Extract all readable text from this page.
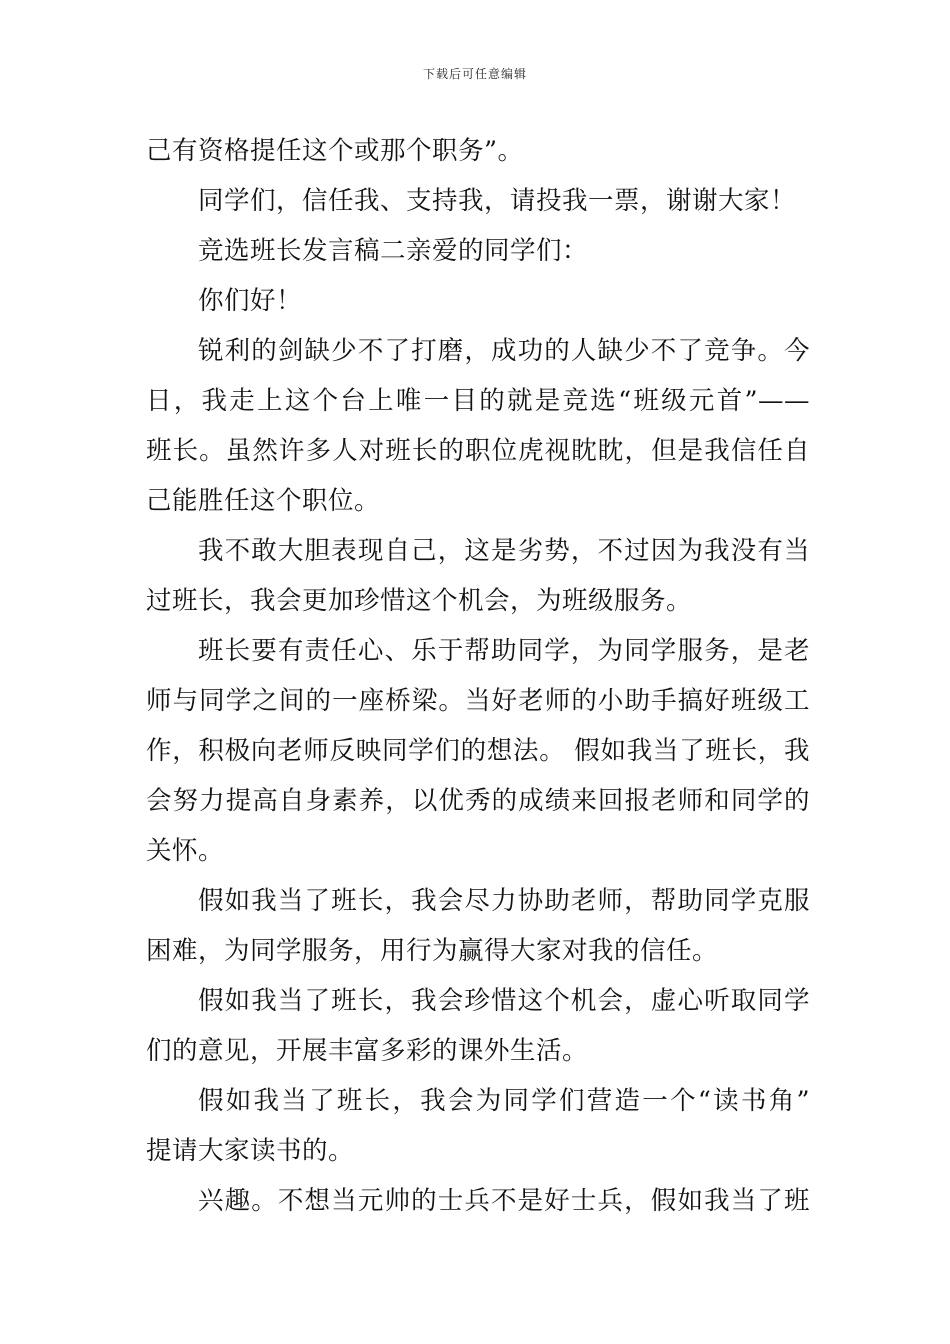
下载后可任意编辑
己有资格提任这个或那个职务”。
同学们，信任我、支持我，请投我一票，谢谢大家！
竞选班长发言稿二亲爱的同学们：
你们好！
锐利的剑缺少不了打磨，成功的人缺少不了竞争。今
日，我走上这个台上唯一目的就是竞选“班级元首”——
班长。虽然许多人对班长的职位虎视眈眈，但是我信任自
己能胜任这个职位。
我不敢大胆表现自己，这是劣势，不过因为我没有当
过班长，我会更加珍惜这个机会，为班级服务。
班长要有责任心、乐于帮助同学，为同学服务，是老
师与同学之间的一座桥梁。当好老师的小助手搞好班级工
作，积极向老师反映同学们的想法。 假如我当了班长，我
会努力提高自身素养，以优秀的成绩来回报老师和同学的
关怀。
假如我当了班长，我会尽力协助老师，帮助同学克服
困难，为同学服务，用行为赢得大家对我的信任。
假如我当了班长，我会珍惜这个机会，虚心听取同学
们的意见，开展丰富多彩的课外生活。
假如我当了班长，我会为同学们营造一个“读书角”
提请大家读书的。
兴趣。不想当元帅的士兵不是好士兵，假如我当了班
